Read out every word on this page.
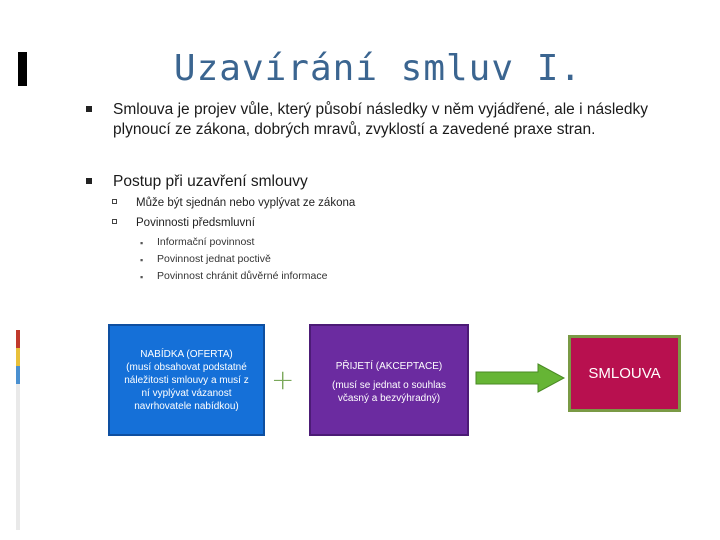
Uzavírání smluv I.
Smlouva je projev vůle, který působí následky v něm vyjádřené, ale i následky plynoucí ze zákona, dobrých mravů, zvyklostí a zavedené praxe stran.
Postup při uzavření smlouvy
Může být sjednán nebo vyplývat ze zákona
Povinnosti předsmluvní
▪ Informační povinnost
▪ Povinnost jednat poctivě
▪ Povinnost chránit důvěrné informace
NABÍDKA (OFERTA)
(musí obsahovat podstatné
náležitosti smlouvy a musí z
ní vyplývat vázanost
navrhovatele nabídkou)
+	PŘIJETÍ (AKCEPTACE)
(musí se jednat o souhlas
včasný a bezvýhradný)
SMLOUVA
